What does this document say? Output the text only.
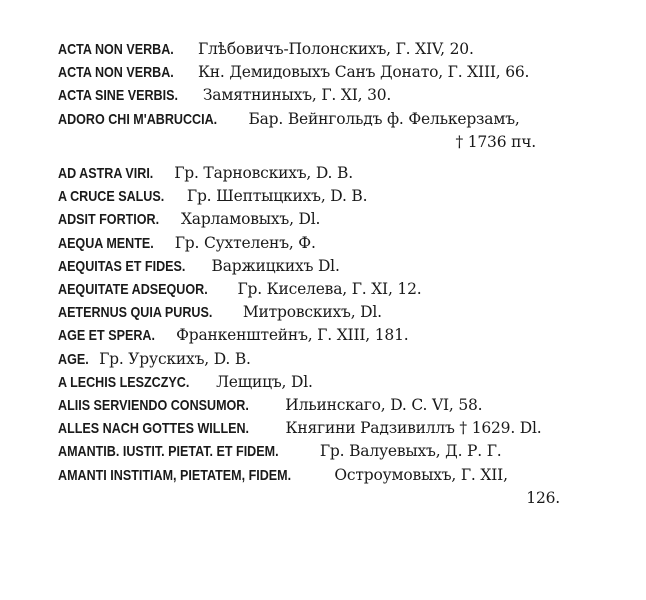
ACTA NON VERBA. Глѣбовичъ-Полонскихъ, Г. XIV, 20.
ACTA NON VERBA. Кн. Демидовыхъ Санъ Донато, Г. XIII, 66.
ACTA SINE VERBIS. Замятниныхъ, Г. XI, 30.
ADORO CHI M'ABRUCCIA. Бар. Вейнгольдъ ф. Фелькерзамъ,
† 1736 пч.
AD ASTRA VIRI. Гр. Тарновскихъ, D. B.
A CRUCE SALUS. Гр. Шептыцкихъ, D. B.
ADSIT FORTIOR. Харламовыхъ, Dl.
AEQUA MENTE. Гр. Сухтеленъ, Ф.
AEQUITAS ET FIDES. Варжицкихъ Dl.
AEQUITATE ADSEQUOR. Гр. Киселева, Г. XI, 12.
AETERNUS QUIA PURUS. Митровскихъ, Dl.
AGE ET SPERA. Франкенштейнъ, Г. XIII, 181.
AGE. Гр. Урускихъ, D. B.
A LECHIS LESZCZYC. Лещицъ, Dl.
ALIIS SERVIENDO CONSUMOR. Ильинскаго, D. C. VI, 58.
ALLES NACH GOTTES WILLEN. Княгини Радзивиллъ † 1629. Dl.
AMANTIB. IUSTIT. PIETAT. ET FIDEM.	Гр. Валуевыхъ, Д. Р. Г.
AMANTI INSTITIAM, PIETATEM, FIDEM.	Остроумовыхъ, Г. XII,
126.
